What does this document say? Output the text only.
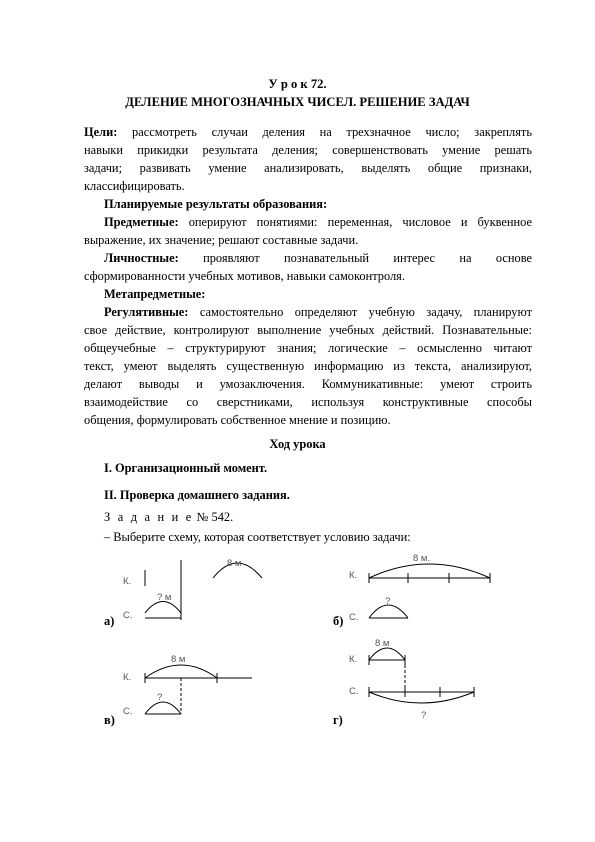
У р о к 72.
ДЕЛЕНИЕ МНОГОЗНАЧНЫХ ЧИСЕЛ. РЕШЕНИЕ ЗАДАЧ
Цели: рассмотреть случаи деления на трехзначное число; закреплять
навыки прикидки результата деления; совершенствовать умение решать
задачи; развивать умение анализировать, выделять общие признаки,
классифицировать.
Планируемые результаты образования:
Предметные: оперируют понятиями: переменная, числовое и буквенное
выражение, их значение; решают составные задачи.
Личностные: проявляют познавательный интерес на основе
сформированности учебных мотивов, навыки самоконтроля.
Метапредметные:
Регулятивные: самостоятельно определяют учебную задачу, планируют
свое действие, контролируют выполнение учебных действий. Познавательные:
общеучебные – структурируют знания; логические – осмысленно читают
текст, умеют выделять существенную информацию из текста, анализируют,
делают выводы и умозаключения. Коммуникативные: умеют строить
взаимодействие со сверстниками, используя конструктивные способы
общения, формулировать собственное мнение и позицию.
Ход урока
I. Организационный момент.
II. Проверка домашнего задания.
З а д а н и е № 542.
– Выберите схему, которая соответствует условию задачи:
а)
К.
8 м
С.
? м
б)
К.
8 м.
С.
?
в)
К.
8 м
С.
?
г)
К.
8 м
С.
?
